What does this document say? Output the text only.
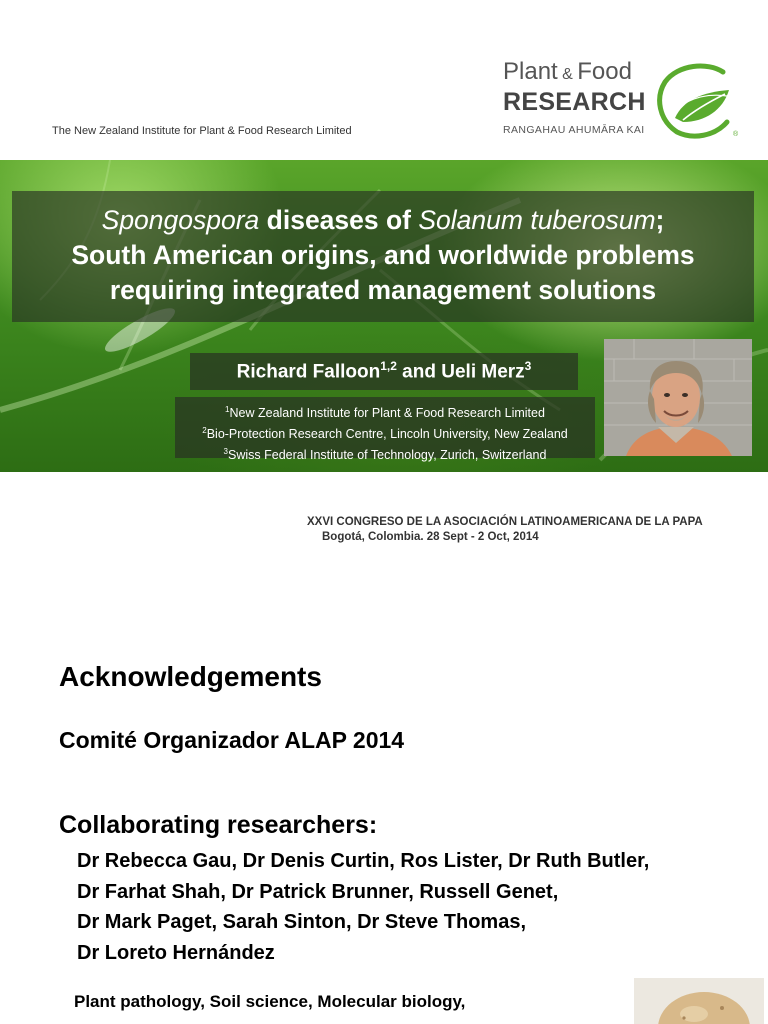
The New Zealand Institute for Plant & Food Research Limited
Plant & Food
RESEARCH
RANGAHAU AHUMĀRA KAI	®
Spongospora diseases of Solanum tuberosum;
South American origins, and worldwide problems
requiring integrated management solutions
Richard Falloon$^{1,2}$ and Ueli Merz$^3$
$^1$New Zealand Institute for Plant & Food Research Limited
$^2$Bio-Protection Research Centre, Lincoln University, New Zealand
$^3$Swiss Federal Institute of Technology, Zurich, Switzerland
XXVI CONGRESO DE LA ASOCIACIÓN LATINOAMERICANA DE LA PAPA
Bogotá, Colombia. 28 Sept - 2 Oct, 2014
Acknowledgements
Comité Organizador ALAP 2014
Collaborating researchers:
Dr Rebecca Gau, Dr Denis Curtin, Ros Lister, Dr Ruth Butler,
Dr Farhat Shah, Dr Patrick Brunner, Russell Genet,
Dr Mark Paget, Sarah Sinton, Dr Steve Thomas,
Dr Loreto Hernández
Plant pathology, Soil science, Molecular biology,
